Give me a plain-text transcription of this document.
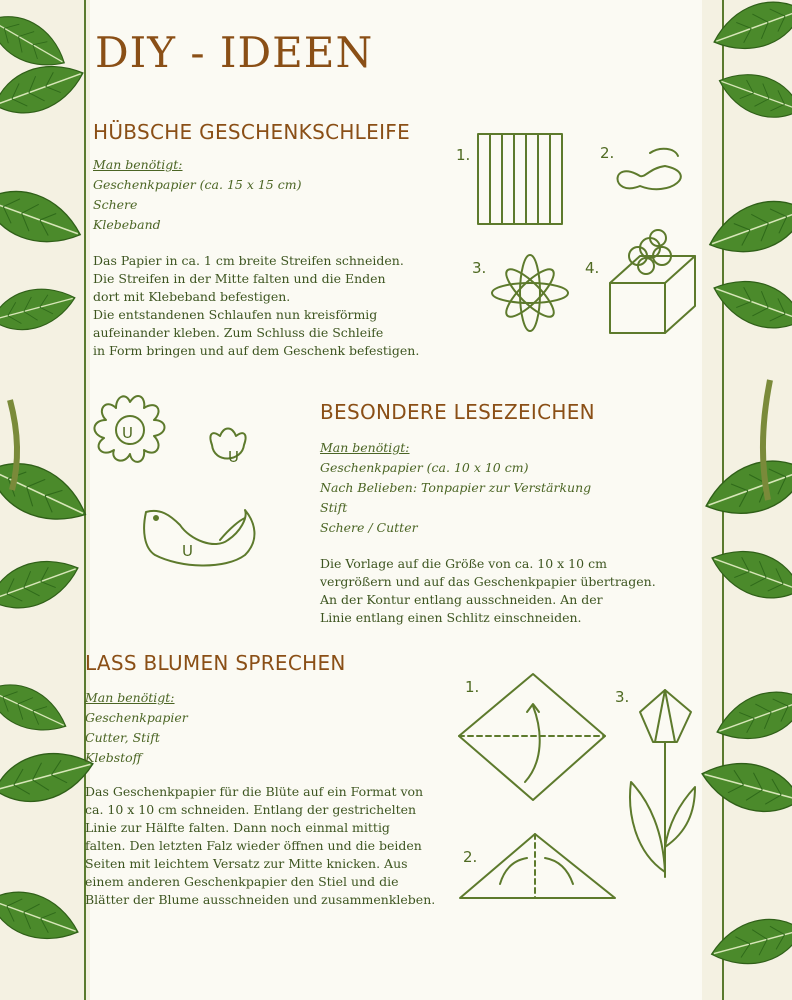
DIY - IDEEN
HÜBSCHE GESCHENKSCHLEIFE
Man benötigt:
Geschenkpapier (ca. 15 x 15 cm)
Schere
Klebeband
Das Papier in ca. 1 cm breite Streifen schneiden.
Die Streifen in der Mitte falten und die Enden
dort mit Klebeband befestigen.
Die entstandenen Schlaufen nun kreisförmig
aufeinander kleben. Zum Schluss die Schleife
in Form bringen und auf dem Geschenk befestigen.
1.	2.
3.	4.
U
U
U
BESONDERE LESEZEICHEN
Man benötigt:
Geschenkpapier (ca. 10 x 10 cm)
Nach Belieben: Tonpapier zur Verstärkung
Stift
Schere / Cutter
Die Vorlage auf die Größe von ca. 10 x 10 cm
vergrößern und auf das Geschenkpapier übertragen.
An der Kontur entlang ausschneiden. An der
Linie entlang einen Schlitz einschneiden.
LASS BLUMEN SPRECHEN
Man benötigt:
Geschenkpapier
Cutter, Stift
Klebstoff
Das Geschenkpapier für die Blüte auf ein Format von
ca. 10 x 10 cm schneiden. Entlang der gestrichelten
Linie zur Hälfte falten. Dann noch einmal mittig
falten. Den letzten Falz wieder öffnen und die beiden
Seiten mit leichtem Versatz zur Mitte knicken. Aus
einem anderen Geschenkpapier den Stiel und die
Blätter der Blume ausschneiden und zusammenkleben.
1.
2.
3.
